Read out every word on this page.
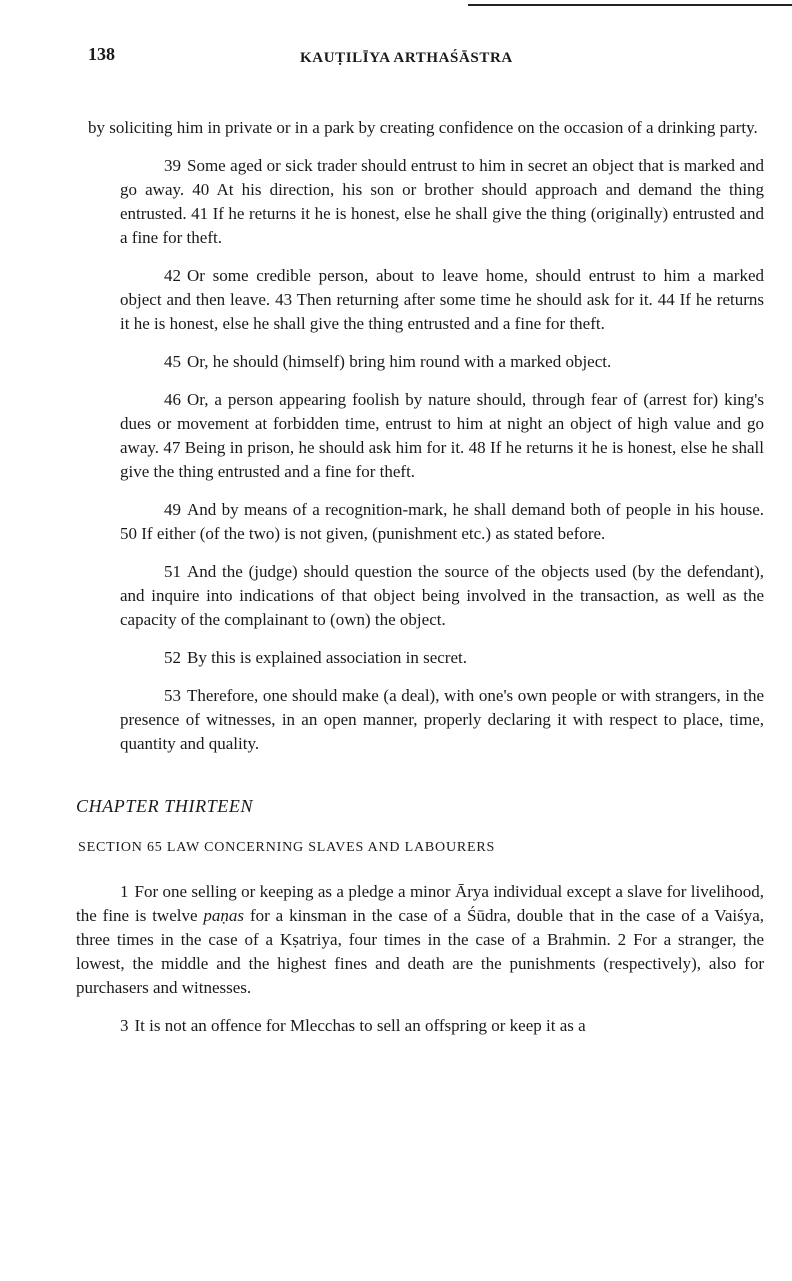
138	KAUṬILĪYA ARTHAŚĀSTRA

by soliciting him in private or in a park by creating confidence on the occasion of a drinking party.

39 Some aged or sick trader should entrust to him in secret an object that is marked and go away. 40 At his direction, his son or brother should approach and demand the thing entrusted. 41 If he returns it he is honest, else he shall give the thing (originally) entrusted and a fine for theft.

42 Or some credible person, about to leave home, should entrust to him a marked object and then leave. 43 Then returning after some time he should ask for it. 44 If he returns it he is honest, else he shall give the thing entrusted and a fine for theft.

45 Or, he should (himself) bring him round with a marked object.

46 Or, a person appearing foolish by nature should, through fear of (arrest for) king's dues or movement at forbidden time, entrust to him at night an object of high value and go away. 47 Being in prison, he should ask him for it. 48 If he returns it he is honest, else he shall give the thing entrusted and a fine for theft.

49 And by means of a recognition-mark, he shall demand both of people in his house. 50 If either (of the two) is not given, (punishment etc.) as stated before.

51 And the (judge) should question the source of the objects used (by the defendant), and inquire into indications of that object being involved in the transaction, as well as the capacity of the complainant to (own) the object.

52 By this is explained association in secret.

53 Therefore, one should make (a deal), with one's own people or with strangers, in the presence of witnesses, in an open manner, properly declaring it with respect to place, time, quantity and quality.

CHAPTER THIRTEEN
SECTION 65 LAW CONCERNING SLAVES AND LABOURERS

1 For one selling or keeping as a pledge a minor Ārya individual except a slave for livelihood, the fine is twelve paṇas for a kinsman in the case of a Śūdra, double that in the case of a Vaiśya, three times in the case of a Kṣatriya, four times in the case of a Brahmin. 2 For a stranger, the lowest, the middle and the highest fines and death are the punishments (respectively), also for purchasers and witnesses.

3 It is not an offence for Mlecchas to sell an offspring or keep it as a
